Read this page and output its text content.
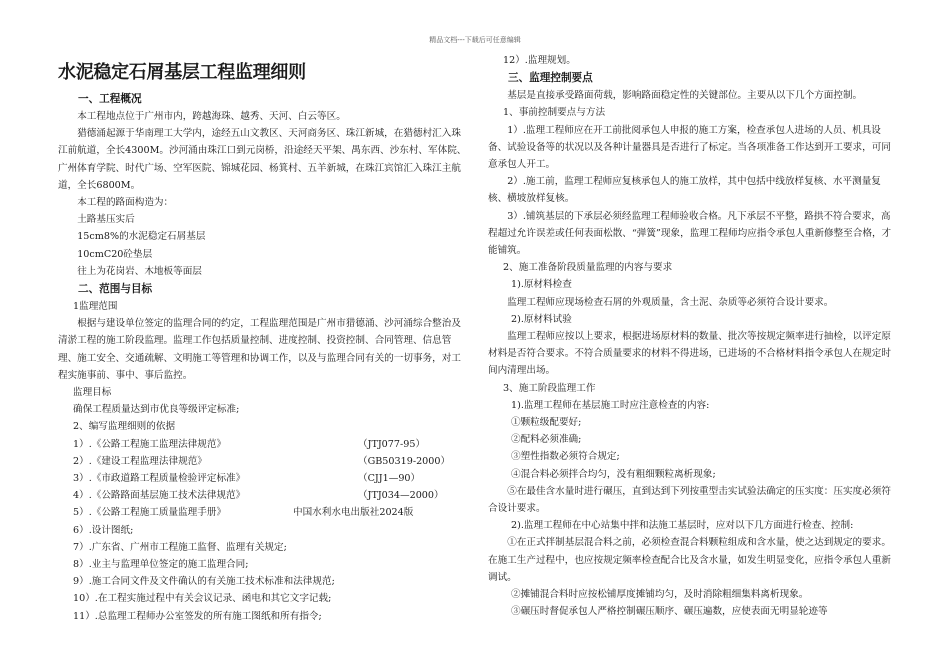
精品文档---下载后可任意编辑
水泥稳定石屑基层工程监理细则
一、工程概况
本工程地点位于广州市内，跨越海珠、越秀、天河、白云等区。
猎德涌起源于华南理工大学内，途经五山文教区、天河商务区、珠江新城，在猎德村汇入珠江前航道，全长4300M。沙河涌由珠江口到元岗桥，沿途经天平架、禺东西、沙东村、军体院、广州体育学院、时代广场、空军医院、锦城花园、杨箕村、五羊新城，在珠江宾馆汇入珠江主航道，全长6800M。
本工程的路面构造为：
土路基压实后
15cm8%的水泥稳定石屑基层
10cmC20砼垫层
往上为花岗岩、木地板等面层
二、范围与目标
1监理范围
根据与建设单位签定的监理合同的约定，工程监理范围是广州市猎德涌、沙河涌综合整治及清淤工程的施工阶段监理。监理工作包括质量控制、进度控制、投资控制、合同管理、信息管理、施工安全、交通疏解、文明施工等管理和协调工作，以及与监理合同有关的一切事务，对工程实施事前、事中、事后监控。
监理目标
确保工程质量达到市优良等级评定标准;
2、编写监理细则的依据
1）.《公路工程施工监理法律规范》	（JTJ077-95）
2）.《建设工程监理法律规范》	（GB50319-2000）
3）.《市政道路工程质量检验评定标准》	（CJJ1—90）
4）.《公路路面基层施工技术法律规范》	（JTJ034—2000）
5）.《公路工程施工质量监理手册》	中国水利水电出版社2024版
6）.设计图纸;
7）.广东省、广州市工程施工监督、监理有关规定;
8）.业主与监理单位签定的施工监理合同;
9）.施工合同文件及文件确认的有关施工技术标准和法律规范;
10）.在工程实施过程中有关会议记录、函电和其它文字记载;
11）.总监理工程师办公室签发的所有施工图纸和所有指令;
12）.监理规划。
三、监理控制要点
基层是直接承受路面荷载，影响路面稳定性的关键部位。主要从以下几个方面控制。
1、事前控制要点与方法
1）.监理工程师应在开工前批阅承包人申报的施工方案，检查承包人进场的人员、机具设备、试验设备等的状况以及各种计量器具是否进行了标定。当各项准备工作达到开工要求，可同意承包人开工。
2）.施工前，监理工程师应复核承包人的施工放样，其中包括中线放样复核、水平测量复核、横坡放样复核。
3）.铺筑基层的下承层必须经监理工程师验收合格。凡下承层不平整，路拱不符合要求，高程超过允许误差或任何表面松散、“弹簧”现象，监理工程师均应指令承包人重新修整至合格，才能铺筑。
2、施工准备阶段质量监理的内容与要求
1).原材料检查
监理工程师应现场检查石屑的外观质量，含土泥、杂质等必须符合设计要求。
2).原材料试验
监理工程师应按以上要求，根据进场原材料的数量、批次等按规定频率进行抽检，以评定原材料是否符合要求。不符合质量要求的材料不得进场，已进场的不合格材料指令承包人在规定时间内清理出场。
3、施工阶段监理工作
1).监理工程师在基层施工时应注意检查的内容:
①颗粒级配要好;
②配料必须准确;
③塑性指数必须符合规定;
④混合料必须拌合均匀，没有粗细颗粒离析现象;
⑤在最佳含水量时进行碾压，直到达到下列按重型击实试验法确定的压实度：压实度必须符合设计要求。
2).监理工程师在中心站集中拌和法施工基层时，应对以下几方面进行检查、控制:
①在正式拌制基层混合料之前，必须检查混合料颗粒组成和含水量，使之达到规定的要求。在施工生产过程中，也应按规定频率检查配合比及含水量，如发生明显变化，应指令承包人重新调试。
②摊铺混合料时应按松铺厚度摊铺均匀，及时消除粗细集料离析现象。
③碾压时督促承包人严格控制碾压顺序、碾压遍数，应使表面无明显轮迹等
